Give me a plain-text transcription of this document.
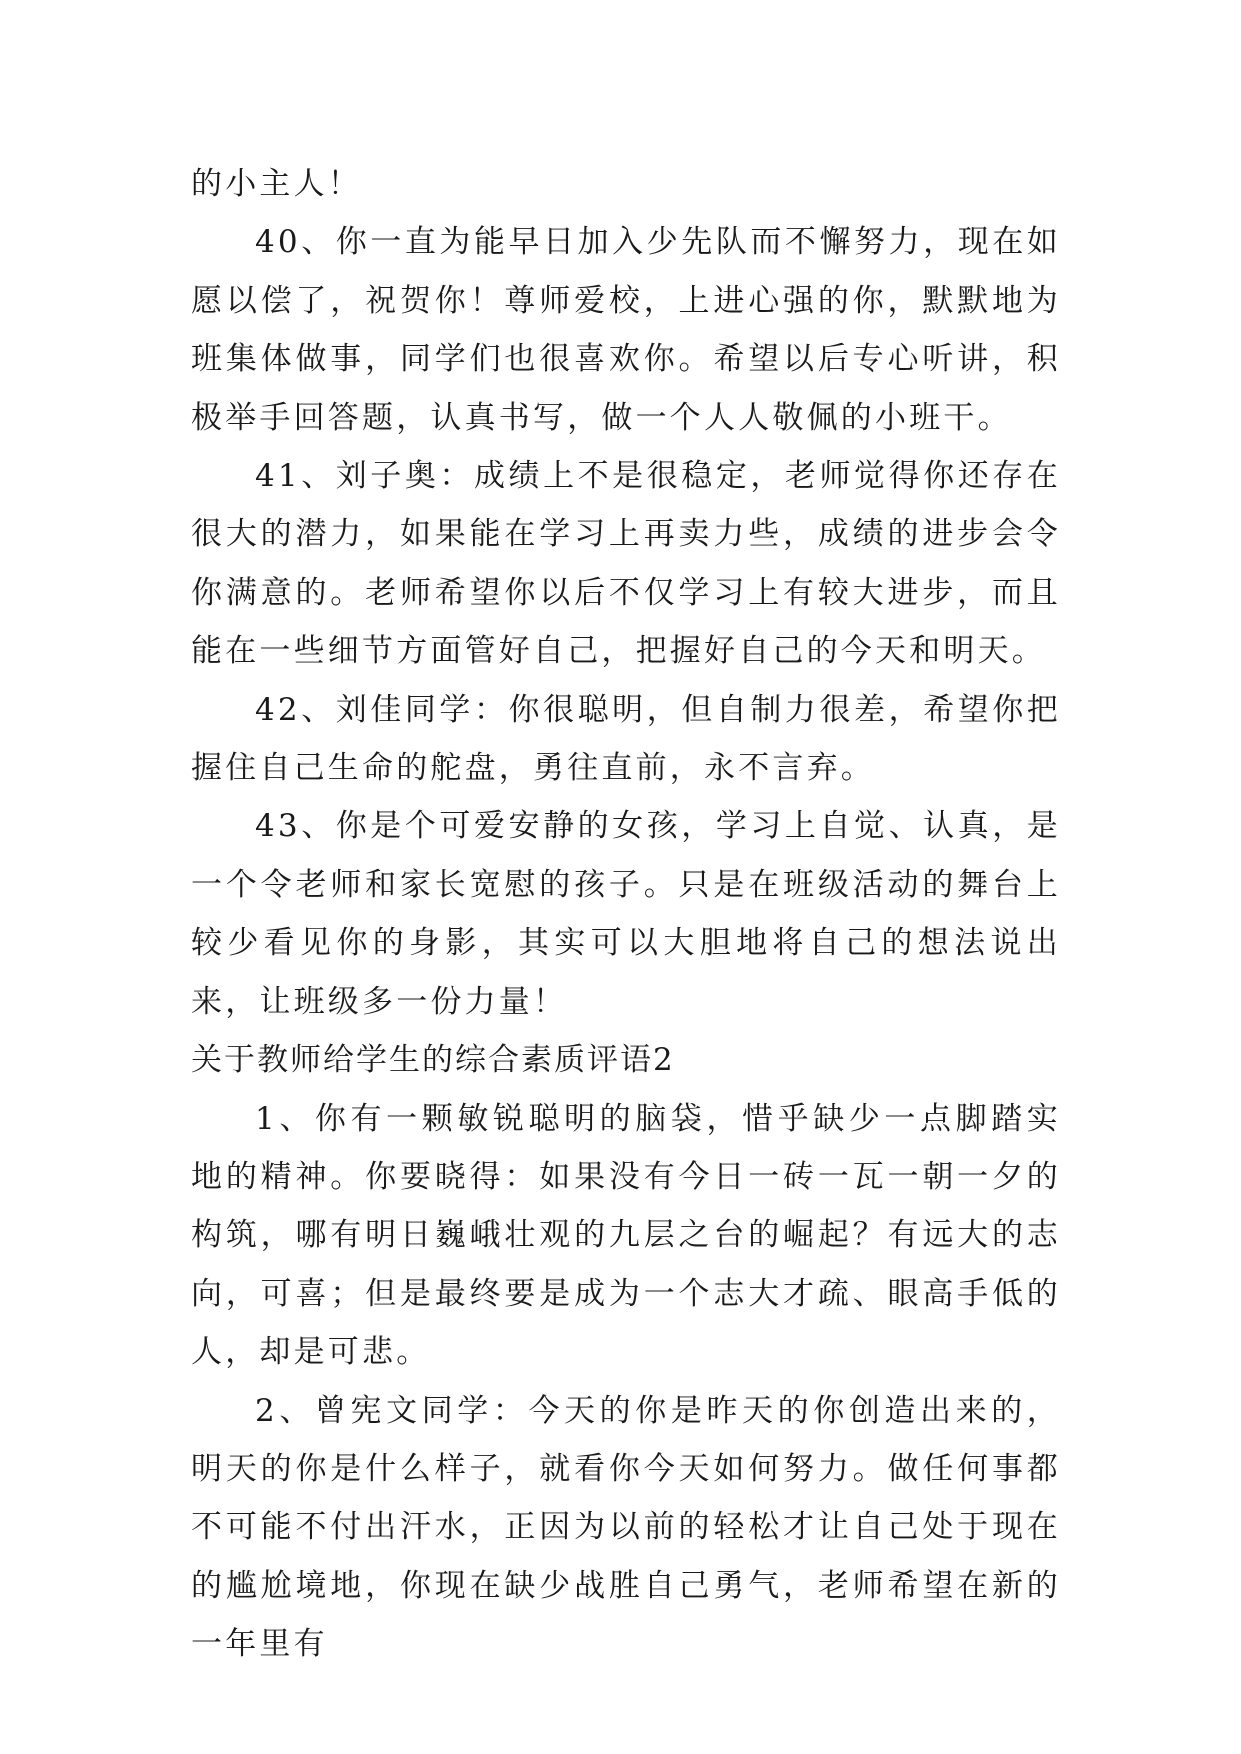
的小主人！

40、你一直为能早日加入少先队而不懈努力，现在如愿以偿了，祝贺你！尊师爱校，上进心强的你，默默地为班集体做事，同学们也很喜欢你。希望以后专心听讲，积极举手回答题，认真书写，做一个人人敬佩的小班干。

41、刘子奥：成绩上不是很稳定，老师觉得你还存在很大的潜力，如果能在学习上再卖力些，成绩的进步会令你满意的。老师希望你以后不仅学习上有较大进步，而且能在一些细节方面管好自己，把握好自己的今天和明天。

42、刘佳同学：你很聪明，但自制力很差，希望你把握住自己生命的舵盘，勇往直前，永不言弃。

43、你是个可爱安静的女孩，学习上自觉、认真，是一个令老师和家长宽慰的孩子。只是在班级活动的舞台上较少看见你的身影，其实可以大胆地将自己的想法说出来，让班级多一份力量！

关于教师给学生的综合素质评语2

1、你有一颗敏锐聪明的脑袋，惜乎缺少一点脚踏实地的精神。你要晓得：如果没有今日一砖一瓦一朝一夕的构筑，哪有明日巍峨壮观的九层之台的崛起？有远大的志向，可喜；但是最终要是成为一个志大才疏、眼高手低的人，却是可悲。

2、曾宪文同学：今天的你是昨天的你创造出来的，明天的你是什么样子，就看你今天如何努力。做任何事都不可能不付出汗水，正因为以前的轻松才让自己处于现在的尴尬境地，你现在缺少战胜自己勇气，老师希望在新的一年里有
